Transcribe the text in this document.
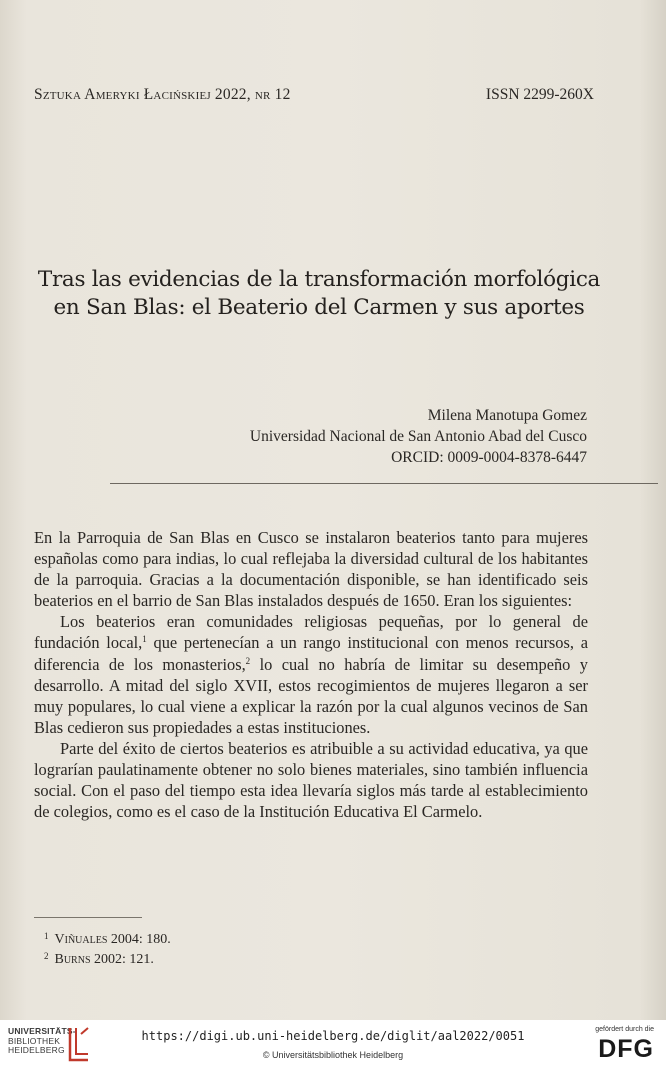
Sztuka Ameryki Łacińskiej 2022, nr 12	ISSN 2299-260X
Tras las evidencias de la transformación morfológica
en San Blas: el Beaterio del Carmen y sus aportes
Milena Manotupa Gomez
Universidad Nacional de San Antonio Abad del Cusco
ORCID: 0009-0004-8378-6447

En la Parroquia de San Blas en Cusco se instalaron beaterios tanto para mujeres españolas como para indias, lo cual reflejaba la diversidad cultural de los habitantes de la parroquia. Gracias a la documentación disponible, se han identificado seis beaterios en el barrio de San Blas instalados después de 1650. Eran los siguientes:

Los beaterios eran comunidades religiosas pequeñas, por lo general de fundación local,$^1$ que pertenecían a un rango institucional con menos recursos, a diferencia de los monasterios,$^2$ lo cual no habría de limitar su desempeño y desarrollo. A mitad del siglo XVII, estos recogimientos de mujeres llegaron a ser muy populares, lo cual viene a explicar la razón por la cual algunos vecinos de San Blas cedieron sus propiedades a estas instituciones.

Parte del éxito de ciertos beaterios es atribuible a su actividad educativa, ya que lograrían paulatinamente obtener no solo bienes materiales, sino también influencia social. Con el paso del tiempo esta idea llevaría siglos más tarde al establecimiento de colegios, como es el caso de la Institución Educativa El Carmelo.

$^1$ Viñuales 2004: 180.
$^2$ Burns 2002: 121.
UNIVERSITÄTS-
BIBLIOTHEK
HEIDELBERG
https://digi.ub.uni-heidelberg.de/diglit/aal2022/0051
© Universitätsbibliothek Heidelberg
gefördert durch die
DFG
